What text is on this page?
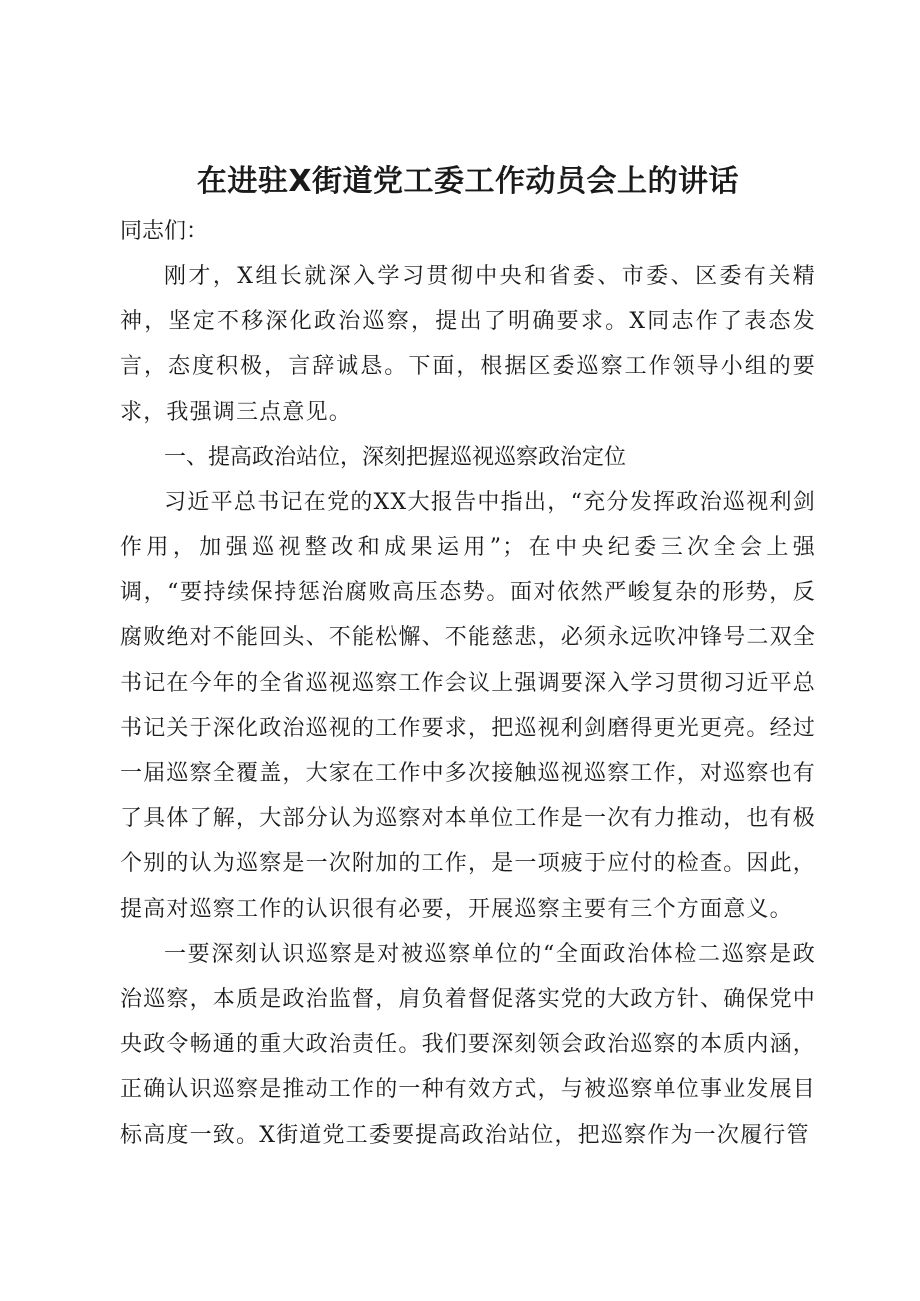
在进驻X街道党工委工作动员会上的讲话

同志们：

刚才，X组长就深入学习贯彻中央和省委、市委、区委有关精神，坚定不移深化政治巡察，提出了明确要求。X同志作了表态发言，态度积极，言辞诚恳。下面，根据区委巡察工作领导小组的要求，我强调三点意见。

一、提高政治站位，深刻把握巡视巡察政治定位

习近平总书记在党的XX大报告中指出，“充分发挥政治巡视利剑作用，加强巡视整改和成果运用”；在中央纪委三次全会上强调，“要持续保持惩治腐败高压态势。面对依然严峻复杂的形势，反腐败绝对不能回头、不能松懈、不能慈悲，必须永远吹冲锋号二双全书记在今年的全省巡视巡察工作会议上强调要深入学习贯彻习近平总书记关于深化政治巡视的工作要求，把巡视利剑磨得更光更亮。经过一届巡察全覆盖，大家在工作中多次接触巡视巡察工作，对巡察也有了具体了解，大部分认为巡察对本单位工作是一次有力推动，也有极个别的认为巡察是一次附加的工作，是一项疲于应付的检查。因此，提高对巡察工作的认识很有必要，开展巡察主要有三个方面意义。

一要深刻认识巡察是对被巡察单位的“全面政治体检二巡察是政治巡察，本质是政治监督，肩负着督促落实党的大政方针、确保党中央政令畅通的重大政治责任。我们要深刻领会政治巡察的本质内涵，正确认识巡察是推动工作的一种有效方式，与被巡察单位事业发展目标高度一致。X街道党工委要提高政治站位，把巡察作为一次履行管
